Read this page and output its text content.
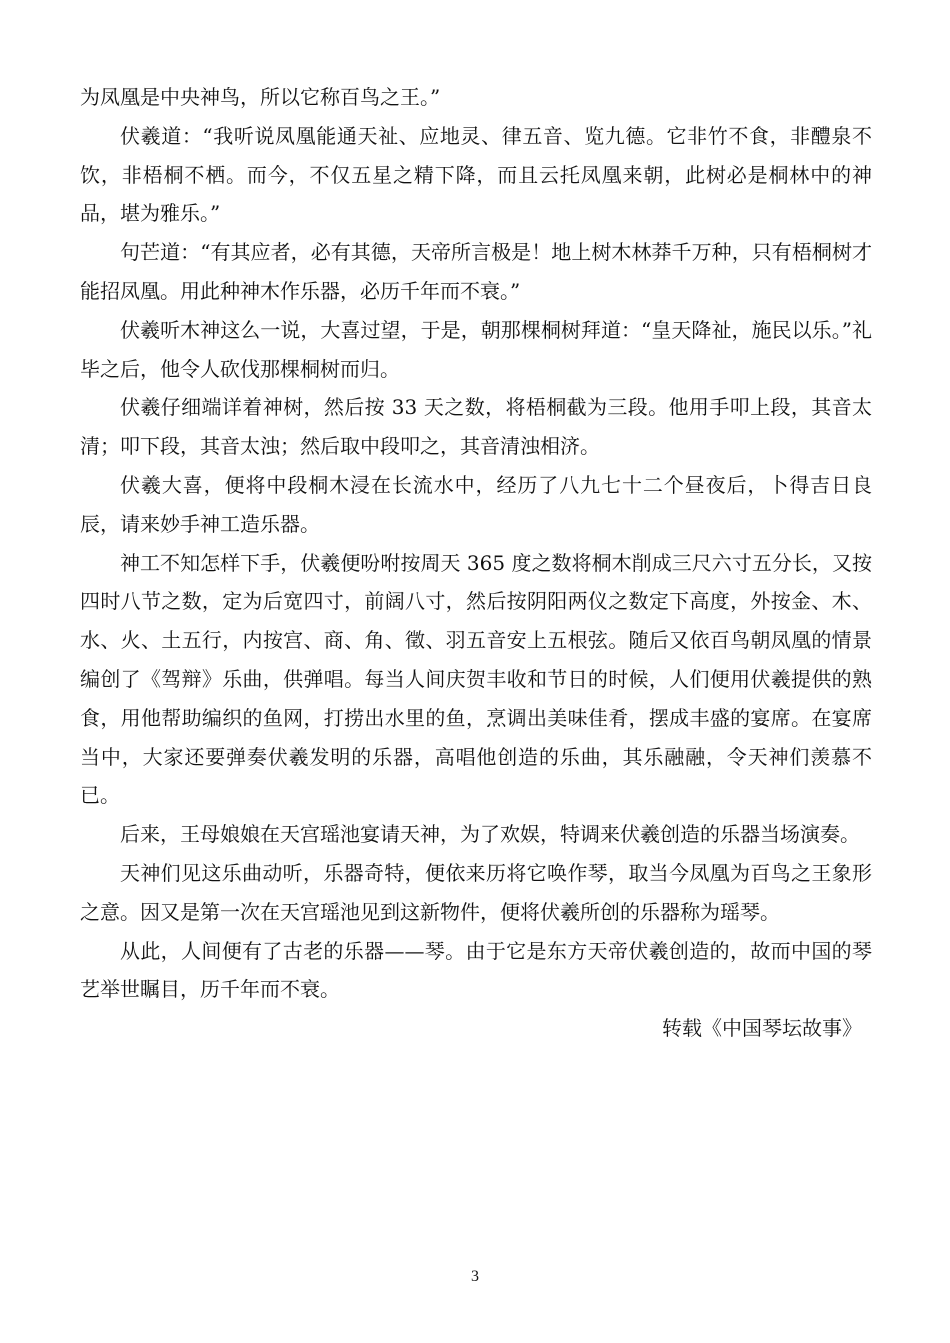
为凤凰是中央神鸟，所以它称百鸟之王。”

伏羲道：“我听说凤凰能通天祉、应地灵、律五音、览九德。它非竹不食，非醴泉不饮，非梧桐不栖。而今，不仅五星之精下降，而且云托凤凰来朝，此树必是桐林中的神品，堪为雅乐。”

句芒道：“有其应者，必有其德，天帝所言极是！地上树木林莽千万种，只有梧桐树才能招凤凰。用此种神木作乐器，必历千年而不衰。”

伏羲听木神这么一说，大喜过望，于是，朝那棵桐树拜道：“皇天降祉，施民以乐。”礼毕之后，他令人砍伐那棵桐树而归。

伏羲仔细端详着神树，然后按 33 天之数，将梧桐截为三段。他用手叩上段，其音太清；叩下段，其音太浊；然后取中段叩之，其音清浊相济。

伏羲大喜，便将中段桐木浸在长流水中，经历了八九七十二个昼夜后，卜得吉日良辰，请来妙手神工造乐器。

神工不知怎样下手，伏羲便吩咐按周天 365 度之数将桐木削成三尺六寸五分长，又按四时八节之数，定为后宽四寸，前阔八寸，然后按阴阳两仪之数定下高度，外按金、木、水、火、土五行，内按宫、商、角、徵、羽五音安上五根弦。随后又依百鸟朝凤凰的情景编创了《驾辩》乐曲，供弹唱。每当人间庆贺丰收和节日的时候，人们便用伏羲提供的熟食，用他帮助编织的鱼网，打捞出水里的鱼，烹调出美味佳肴，摆成丰盛的宴席。在宴席当中，大家还要弹奏伏羲发明的乐器，高唱他创造的乐曲，其乐融融，令天神们羡慕不已。

后来，王母娘娘在天宫瑶池宴请天神，为了欢娱，特调来伏羲创造的乐器当场演奏。

天神们见这乐曲动听，乐器奇特，便依来历将它唤作琴，取当今凤凰为百鸟之王象形之意。因又是第一次在天宫瑶池见到这新物件，便将伏羲所创的乐器称为瑶琴。

从此，人间便有了古老的乐器——琴。由于它是东方天帝伏羲创造的，故而中国的琴艺举世瞩目，历千年而不衰。

转载《中国琴坛故事》

3
